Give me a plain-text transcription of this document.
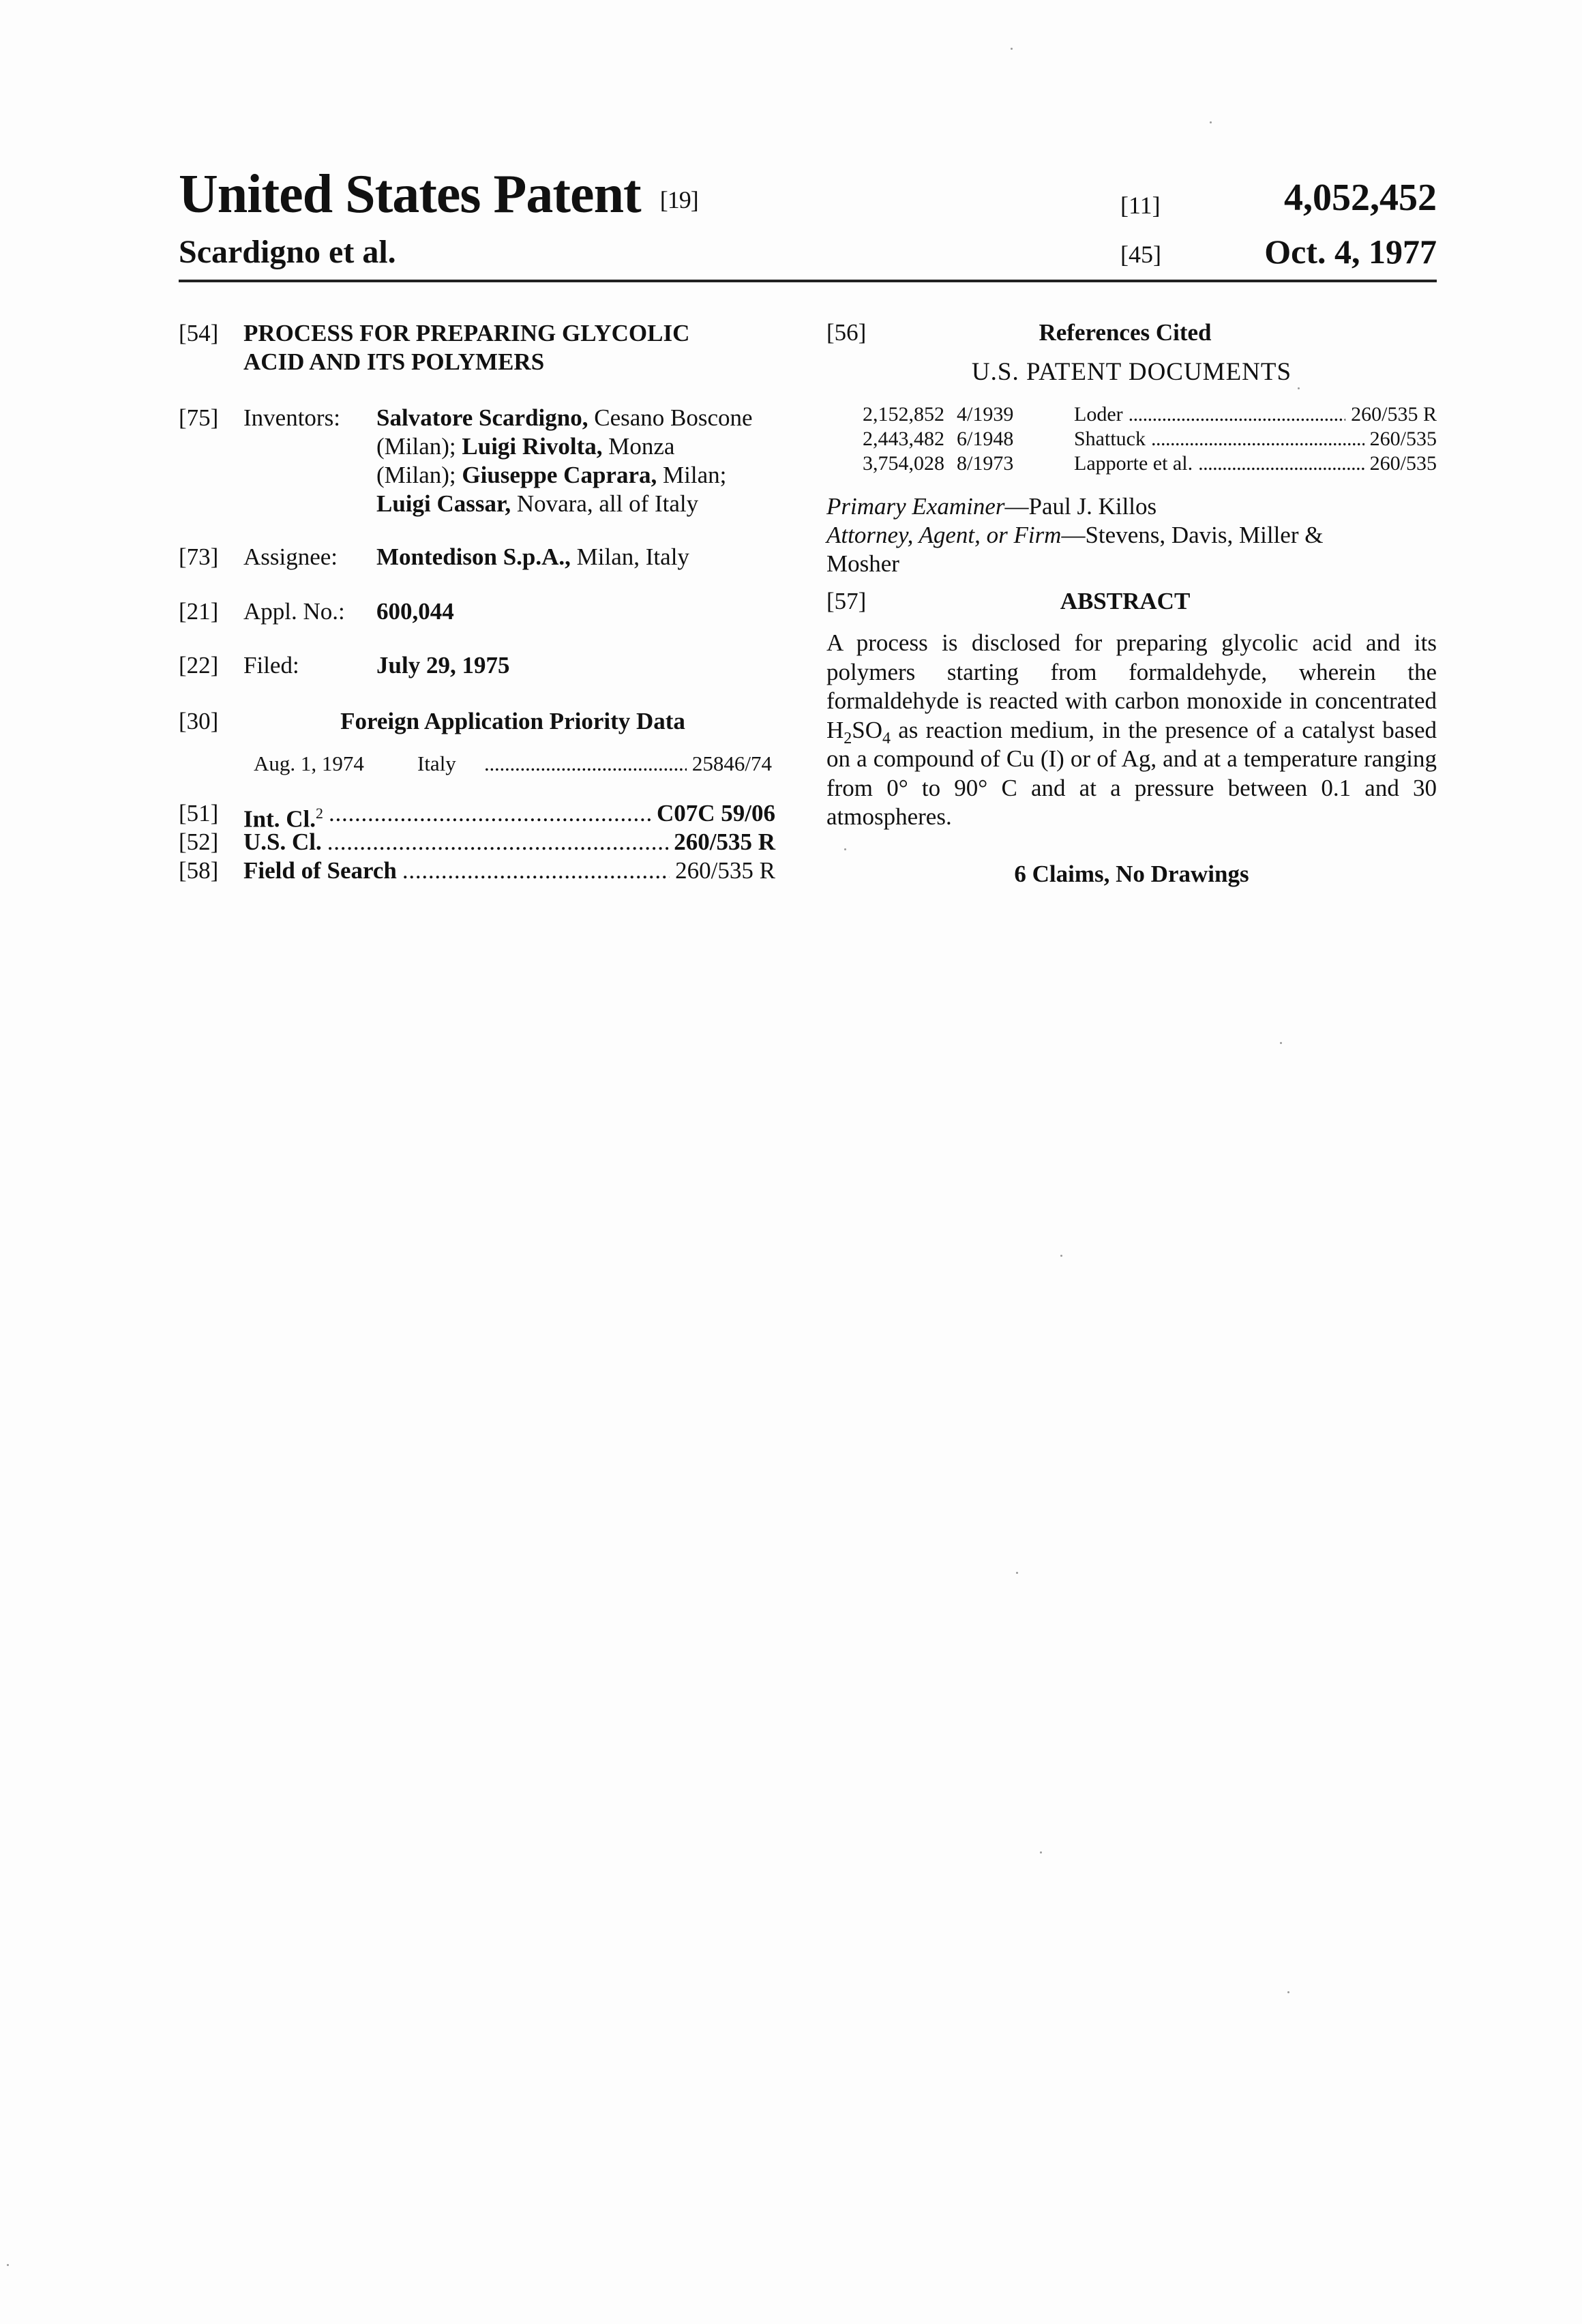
United States Patent [19]
Scardigno et al.
[11]	4,052,452
[45]	Oct. 4, 1977
[54] PROCESS FOR PREPARING GLYCOLIC
ACID AND ITS POLYMERS
[75] Inventors: Salvatore Scardigno, Cesano Boscone
(Milan); Luigi Rivolta, Monza
(Milan); Giuseppe Caprara, Milan;
Luigi Cassar, Novara, all of Italy
[73] Assignee: Montedison S.p.A., Milan, Italy
[21] Appl. No.: 600,044
[22] Filed:	July 29, 1975
[30]	Foreign Application Priority Data
Aug. 1, 1974	Italy
. . .	25846/74
[51]	Int. Cl.2
. . .	C07C 59/06
[52]	U.S. Cl.
. . .	260/535 R
[58]	Field of Search
. . .	260/535 R
[56]	References Cited
U.S. PATENT DOCUMENTS
2,152,852 4/1939	Loder
. . .	260/535 R
2,443,482 6/1948	Shattuck
. . .	260/535
3,754,028 8/1973	Lapporte et al.
. . .	260/535
Primary Examiner—Paul J. Killos
Attorney, Agent, or Firm—Stevens, Davis, Miller &
Mosher
[57]	ABSTRACT
A process is disclosed for preparing glycolic acid and its polymers starting from formaldehyde, wherein the formaldehyde is reacted with carbon monoxide in concentrated H2SO4 as reaction medium, in the presence of a catalyst based on a compound of Cu (I) or of Ag, and at a temperature ranging from 0° to 90° C and at a pressure between 0.1 and 30 atmospheres.
6 Claims, No Drawings
